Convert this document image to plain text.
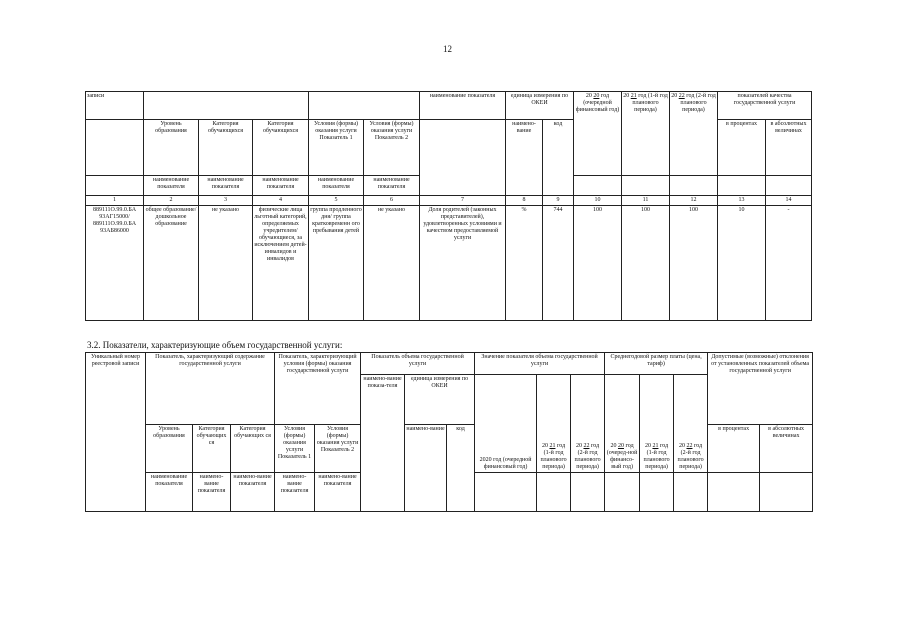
12
записи						наименование показателя	единица измерения по ОКЕИ		20 20 год (очередной финансовый год)	20 21 год (1-й год планового периода)	20 22 год (2-й год планового периода)	показателей качества государственной услуги	
	Уровень образования	Категория обучающихся	Категория обучающихся	Условия (формы) оказания услуги Показатель 1	Условия (формы) оказания услуги Показатель 2		наимено-вание	код				в процентах	в абсолютных величинах
	наименование показателя	наименование показателя	наименование показателя	наименование показателя	наименование показателя								
1	2	3	4	5	6	7	8	9	10	11	12	13	14
889111О.99.0.БА 93АГ15000/ 889111О.99.0.БА 93АБ86000	общее образование/ дошкольное образование	не указано	физические лица льготный категорий, определяемых учредителем/ обучающиеся, за исключением детей-инвалидов и инвалидов	группа продленного дня/ группа кратковременн ого пребывания детей	не указано	Доля родителей (законных представителей), удовлетворенных условиями и качеством предоставляемой услуги	%	744	100	100	100	10	-
3.2. Показатели, характеризующие объем государственной услуги:
Уникальный номер реестровой записи	Показатель, характеризующий содержание государственной услуги			Показатель, характеризующий условия (формы) оказания государственной услуги		Показатель объема государственной услуги			Значение показателя объема государственной услуги			Среднегодовой размер платы (цена, тариф)			Допустимые (возможные) отклонения от установленных показателей объема государственной услуги	
						наимено-вание показа-теля	единица измерения по ОКЕИ		2020 год (очередной финансовый год)	20 21 год (1-й год планового периода)	20 22 год (2-й год планового периода)	20 20 год (очеред-ной финансо-вый год)	20 21 год (1-й год планового периода)	20 22 год (2-й год планового периода)		
	Уровень образования	Категория обучающих ся	Категория обучающих ся	Условия (формы) оказания услуги Показатель 1	Условия (формы) оказания услуги Показатель 2		наимено-вание	код							в процентах	в абсолютных величинах
	наименование показателя	наимено-вание показателя	наимено-вание показателя	наимено-вание показателя	наимено-вание показателя											
